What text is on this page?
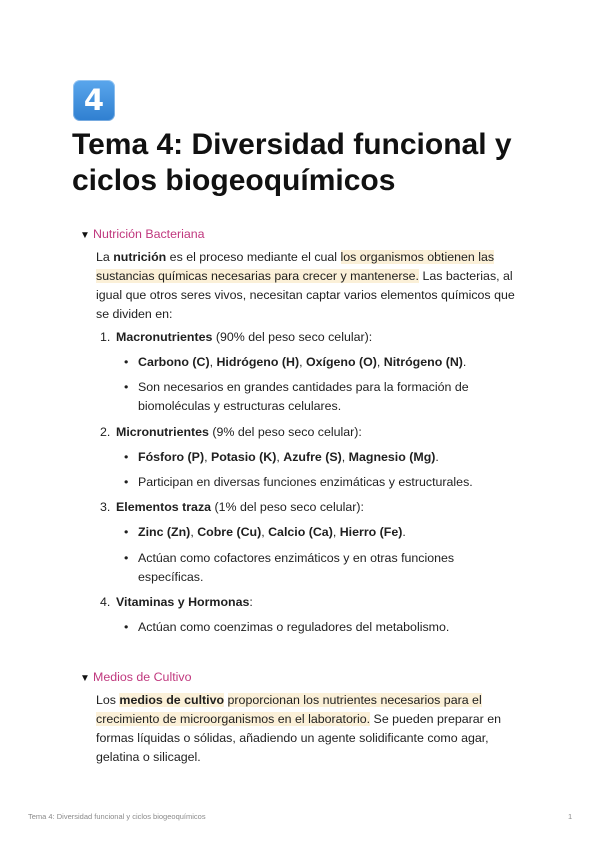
4
Tema 4: Diversidad funcional y ciclos biogeoquímicos
▼ Nutrición Bacteriana

La nutrición es el proceso mediante el cual los organismos obtienen las sustancias químicas necesarias para crecer y mantenerse. Las bacterias, al igual que otros seres vivos, necesitan captar varios elementos químicos que se dividen en:

1. Macronutrientes (90% del peso seco celular):
• Carbono (C), Hidrógeno (H), Oxígeno (O), Nitrógeno (N).
• Son necesarios en grandes cantidades para la formación de
biomoléculas y estructuras celulares.
2. Micronutrientes (9% del peso seco celular):
• Fósforo (P), Potasio (K), Azufre (S), Magnesio (Mg).
• Participan en diversas funciones enzimáticas y estructurales.
3. Elementos traza (1% del peso seco celular):
• Zinc (Zn), Cobre (Cu), Calcio (Ca), Hierro (Fe).
• Actúan como cofactores enzimáticos y en otras funciones
específicas.
4. Vitaminas y Hormonas:
• Actúan como coenzimas o reguladores del metabolismo.
▼ Medios de Cultivo

Los medios de cultivo proporcionan los nutrientes necesarios para el crecimiento de microorganismos en el laboratorio. Se pueden preparar en formas líquidas o sólidas, añadiendo un agente solidificante como agar, gelatina o silicagel.

Tema 4: Diversidad funcional y ciclos biogeoquímicos	1
